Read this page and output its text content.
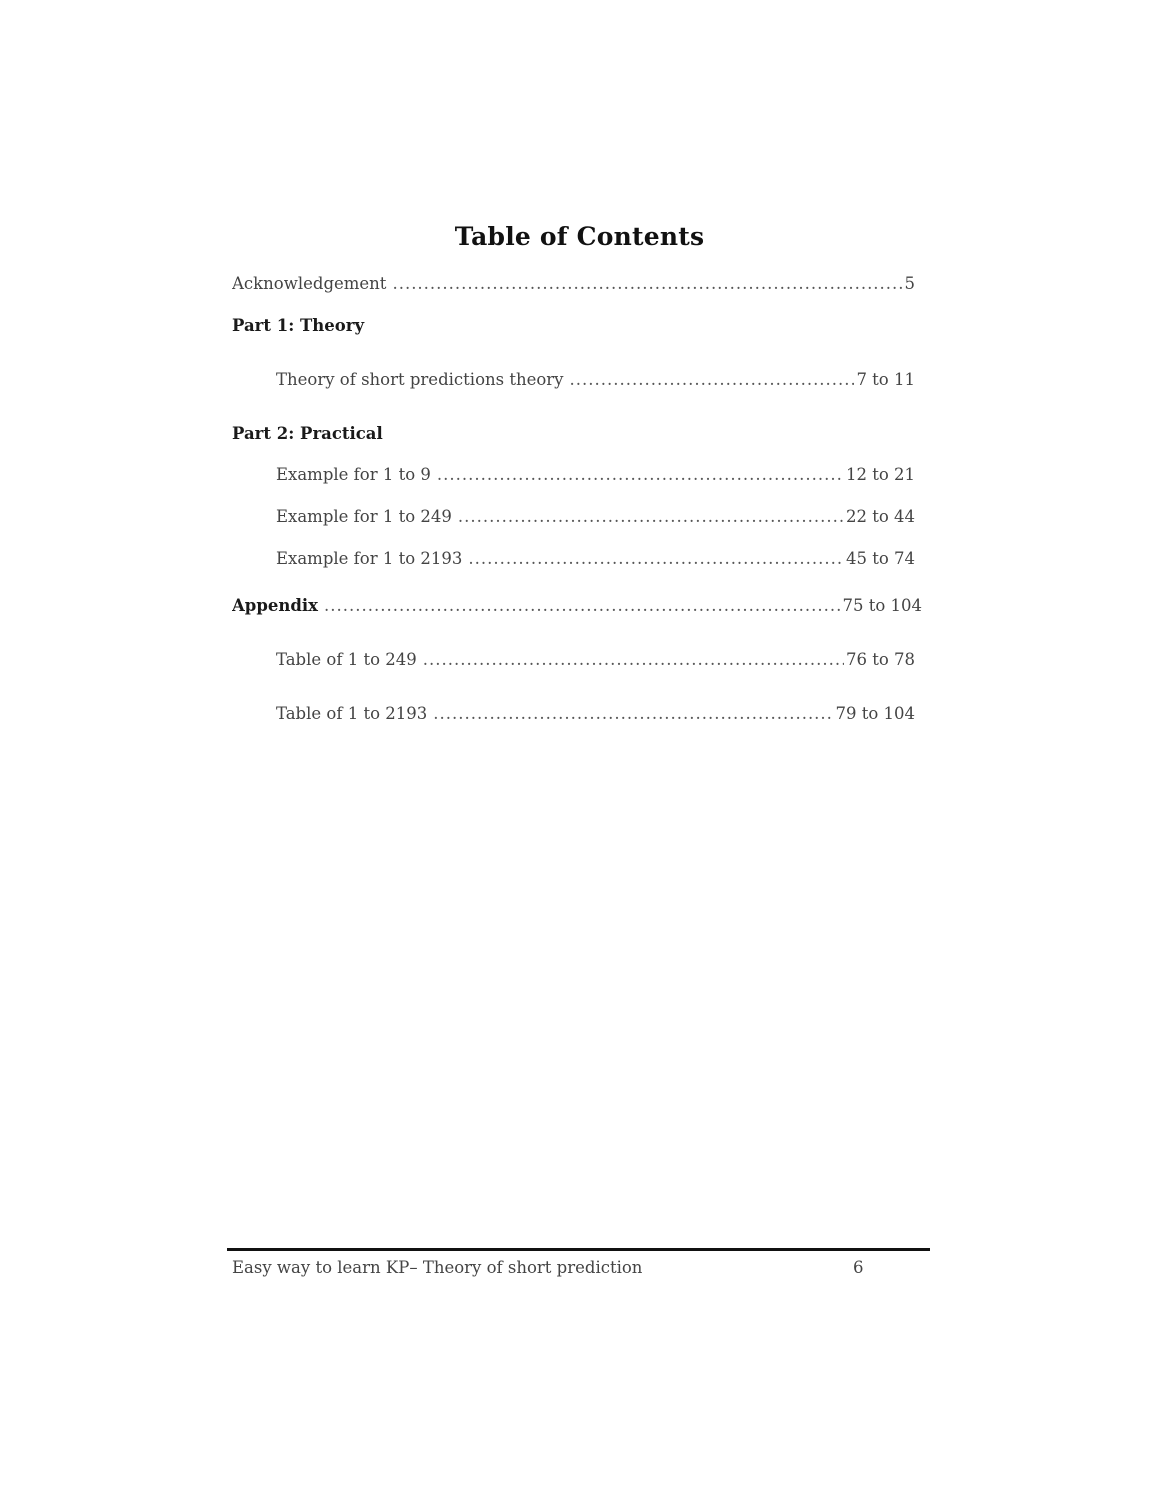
Table of Contents
Acknowledgement .....	5
Part 1: Theory
Theory of short predictions theory .....	7 to 11
Part 2: Practical
Example for 1 to 9 .....	12 to 21
Example for 1 to 249 .....	22 to 44
Example for 1 to 2193 .....	45 to 74
Appendix .....	75 to 104
Table of 1 to 249 .....	76 to 78
Table of 1 to 2193 .....	79 to 104
Easy way to learn KP– Theory of short prediction	6
